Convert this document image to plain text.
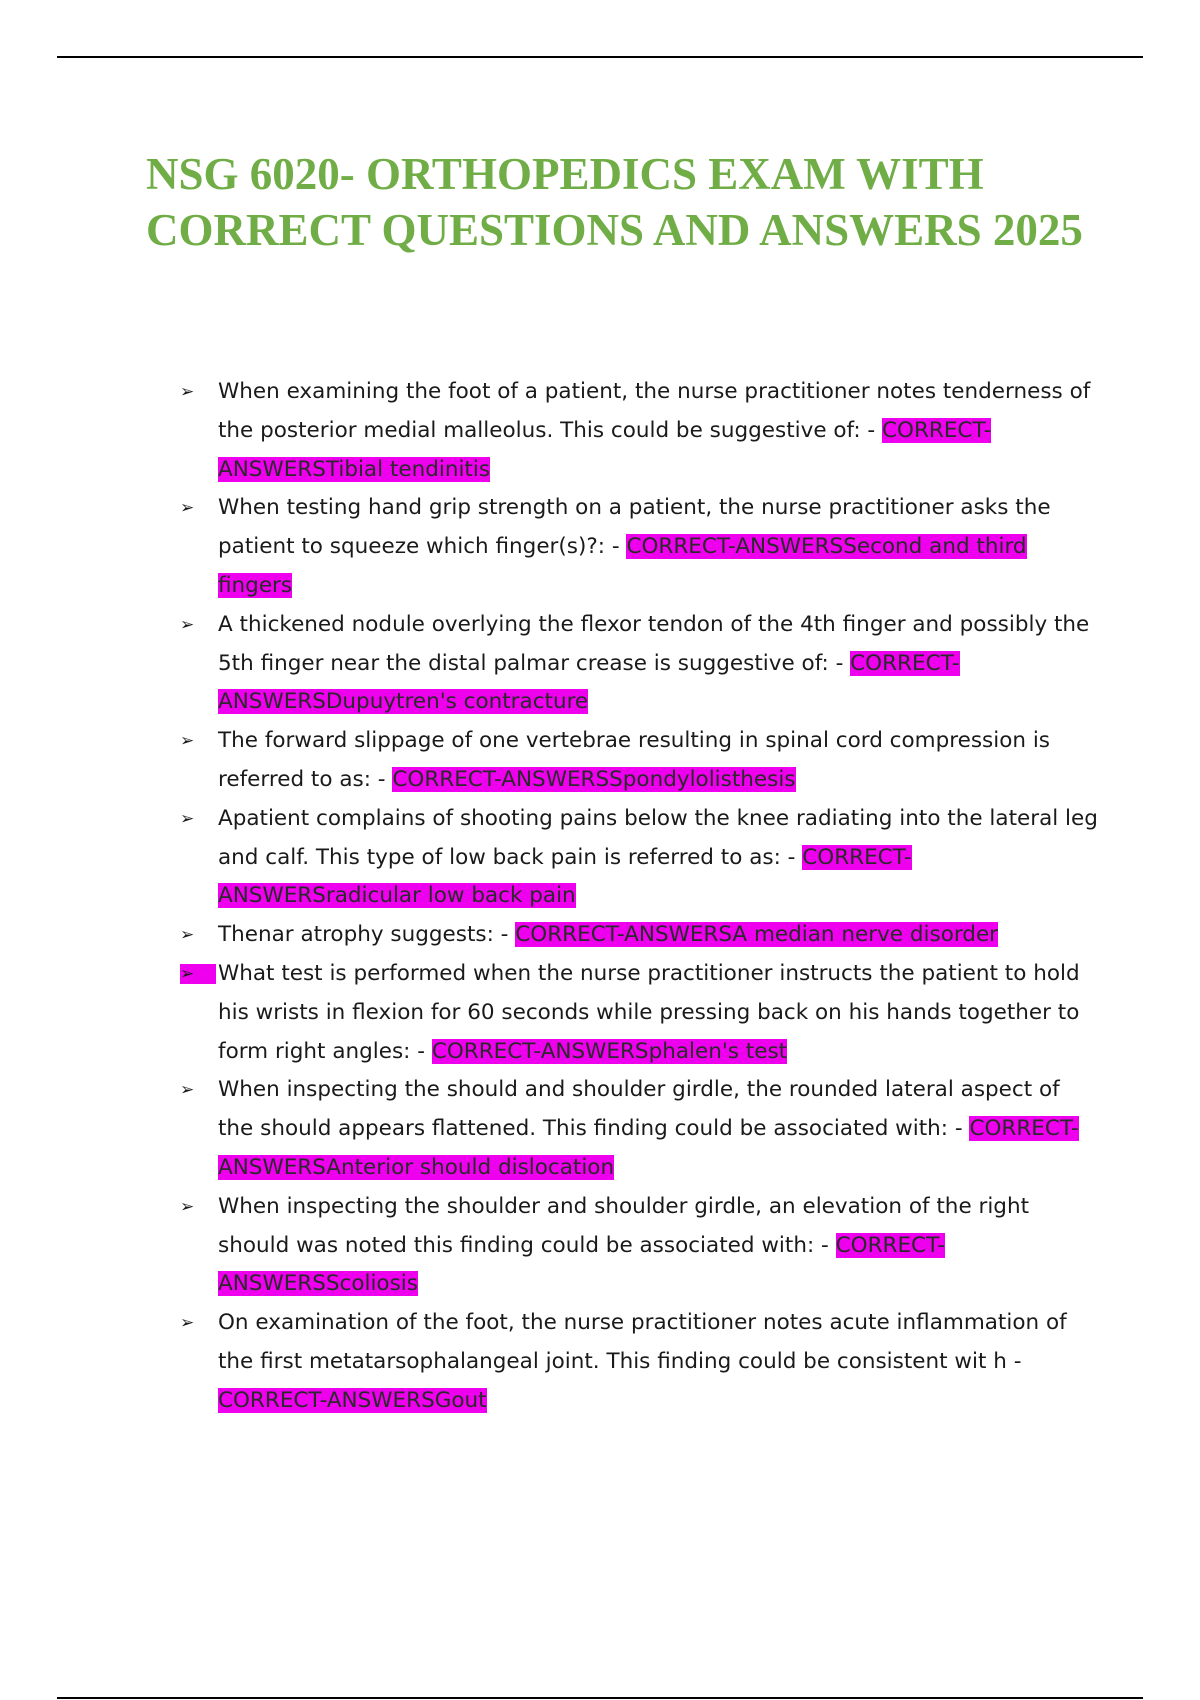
NSG 6020- ORTHOPEDICS EXAM WITH CORRECT QUESTIONS AND ANSWERS 2025
➢	When examining the foot of a patient, the nurse practitioner notes tenderness of the posterior medial malleolus. This could be suggestive of: - CORRECT-ANSWERSTibial tendinitis
➢	When testing hand grip strength on a patient, the nurse practitioner asks the patient to squeeze which finger(s)?: - CORRECT-ANSWERSSecond and third fingers
➢	A thickened nodule overlying the flexor tendon of the 4th finger and possibly the 5th finger near the distal palmar crease is suggestive of: - CORRECT-ANSWERSDupuytren's contracture
➢	The forward slippage of one vertebrae resulting in spinal cord compression is referred to as: - CORRECT-ANSWERSSpondylolisthesis
➢	Apatient complains of shooting pains below the knee radiating into the lateral leg and calf. This type of low back pain is referred to as: - CORRECT-ANSWERSradicular low back pain
➢	Thenar atrophy suggests: - CORRECT-ANSWERSA median nerve disorder
➢	What test is performed when the nurse practitioner instructs the patient to hold his wrists in flexion for 60 seconds while pressing back on his hands together to form right angles: - CORRECT-ANSWERSphalen's test
➢	When inspecting the should and shoulder girdle, the rounded lateral aspect of the should appears flattened. This finding could be associated with: - CORRECT-ANSWERSAnterior should dislocation
➢	When inspecting the shoulder and shoulder girdle, an elevation of the right should was noted this finding could be associated with: - CORRECT-ANSWERSScoliosis
➢	On examination of the foot, the nurse practitioner notes acute inflammation of the first metatarsophalangeal joint. This finding could be consistent wit h - CORRECT-ANSWERSGout
